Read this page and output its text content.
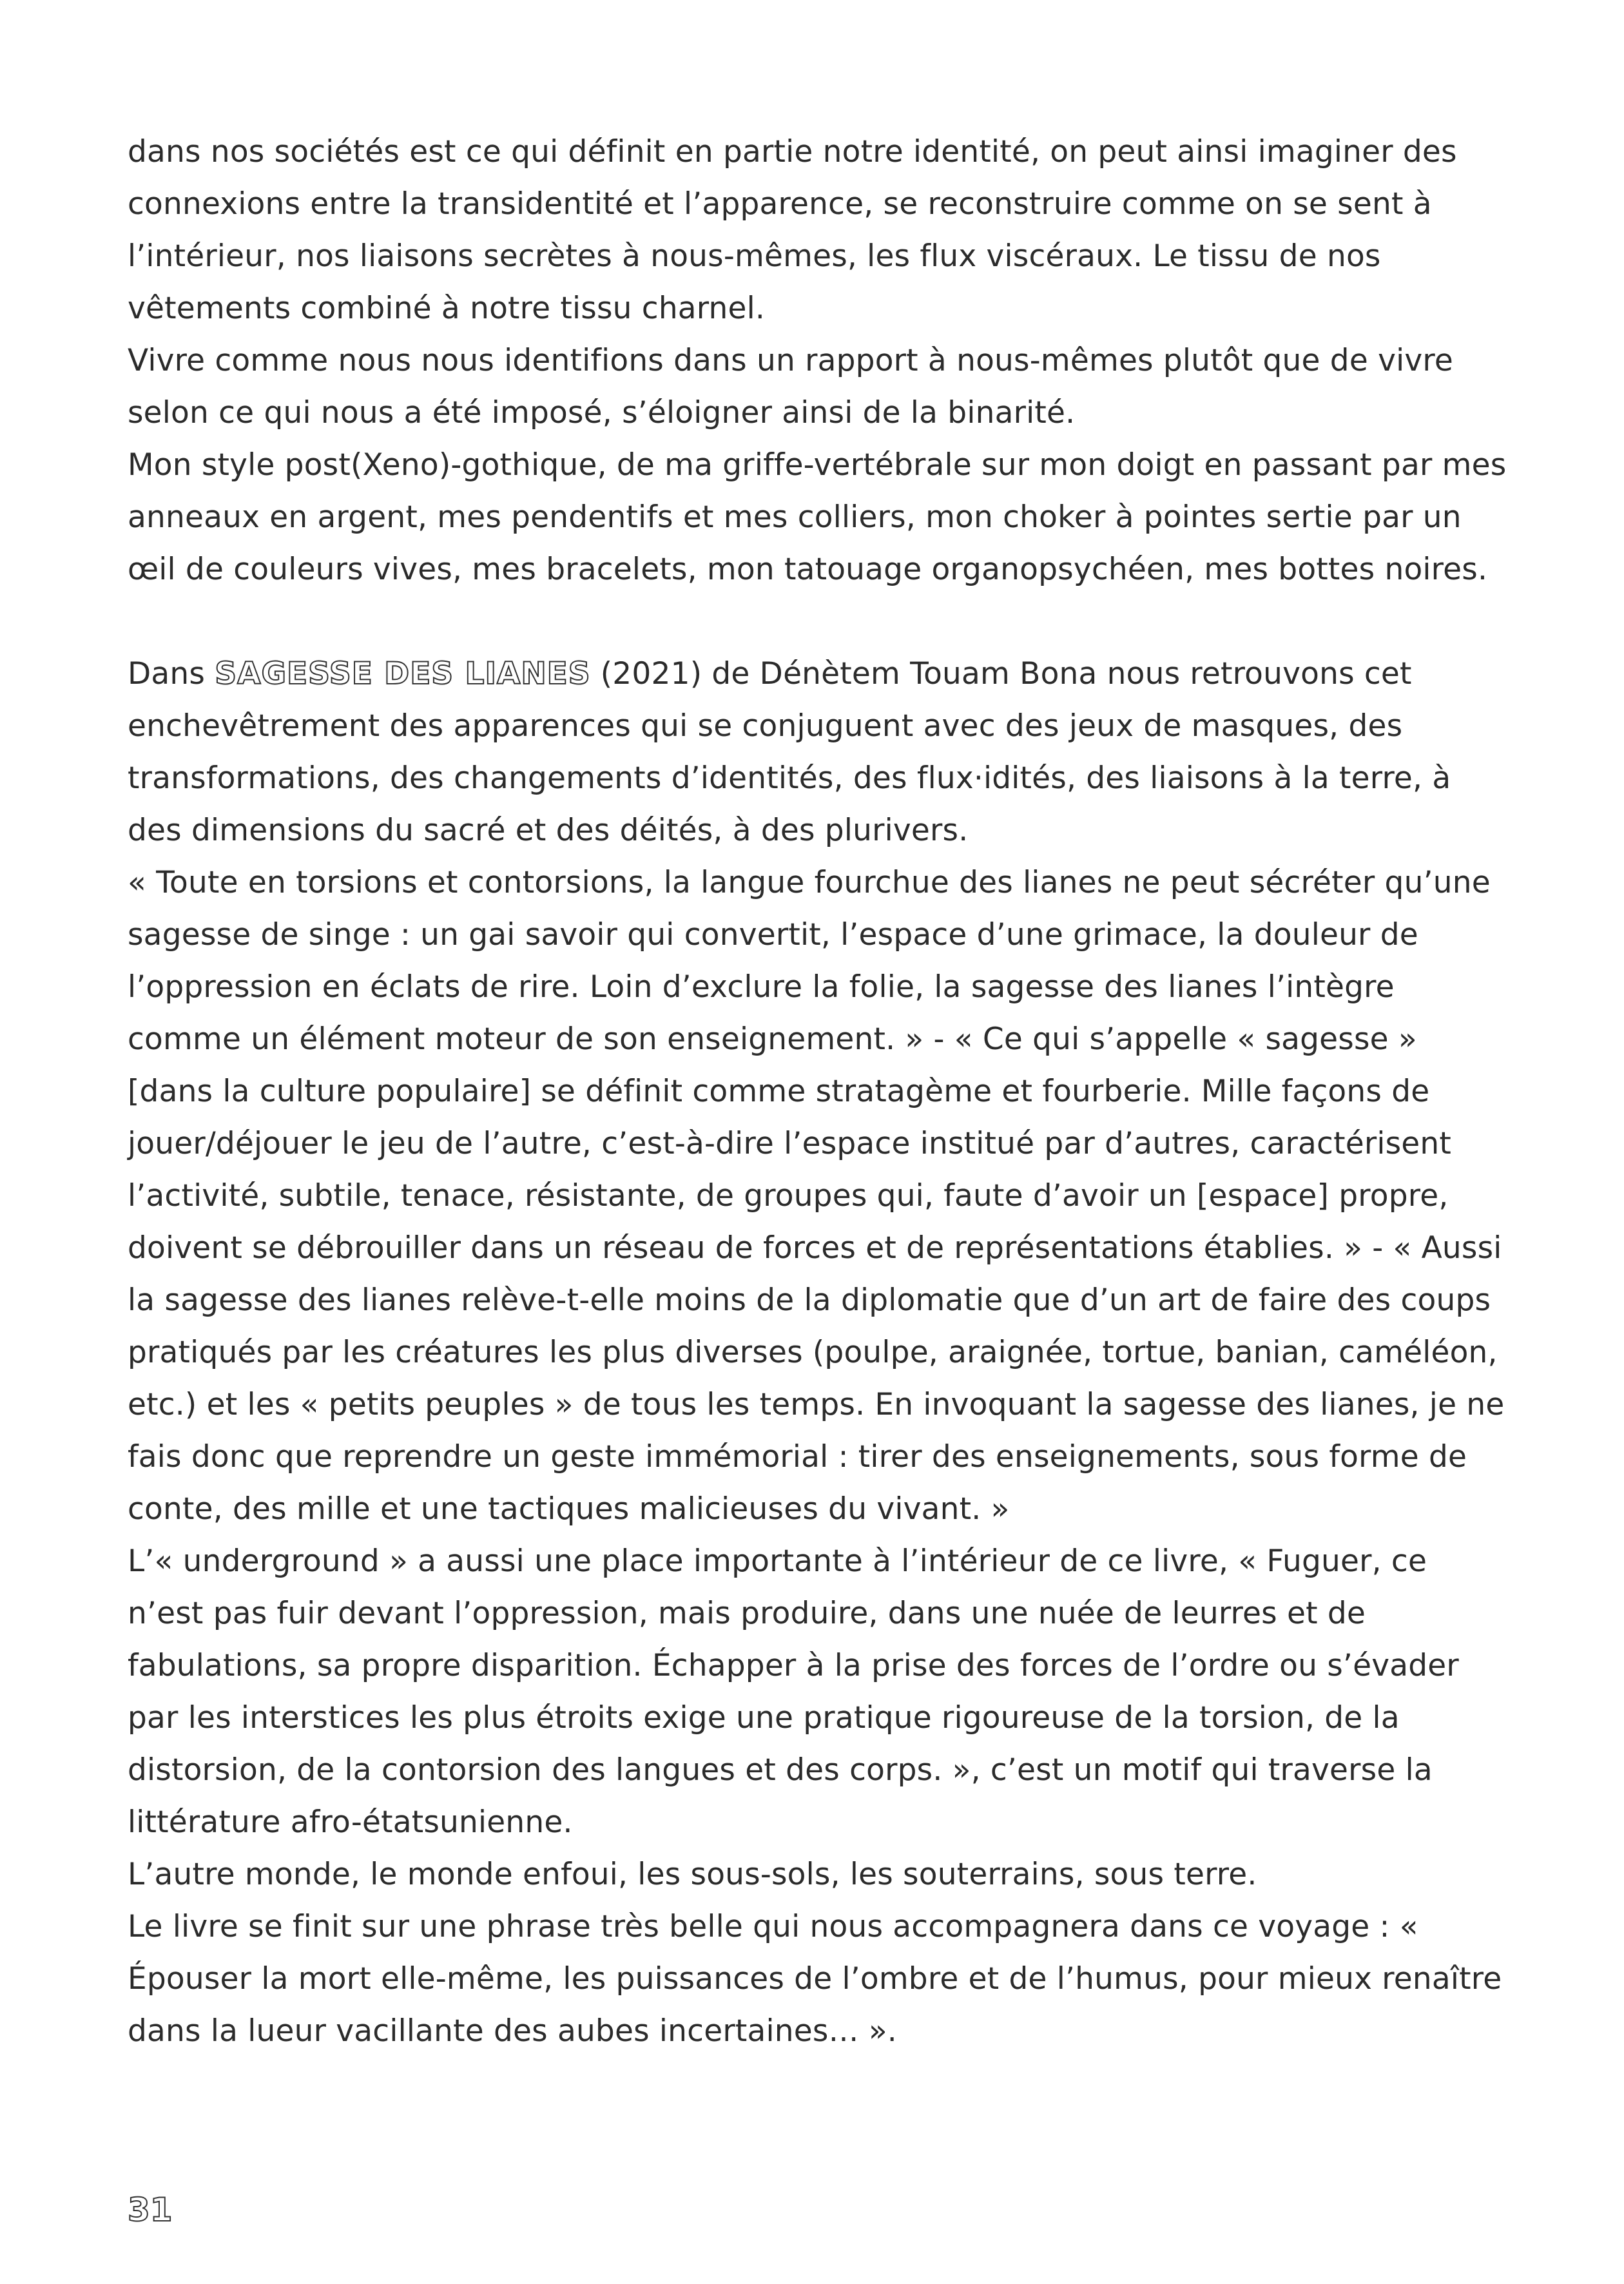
dans nos sociétés est ce qui définit en partie notre identité, on peut ainsi imaginer des connexions entre la transidentité et l’apparence, se reconstruire comme on se sent à l’intérieur, nos liaisons secrètes à nous-mêmes, les flux viscéraux. Le tissu de nos vêtements combiné à notre tissu charnel.

Vivre comme nous nous identifions dans un rapport à nous-mêmes plutôt que de vivre selon ce qui nous a été imposé, s’éloigner ainsi de la binarité.

Mon style post(Xeno)-gothique, de ma griffe-vertébrale sur mon doigt en passant par mes anneaux en argent, mes pendentifs et mes colliers, mon choker à pointes sertie par un œil de couleurs vives, mes bracelets, mon tatouage organopsychéen, mes bottes noires.

Dans SAGESSE DES LIANES (2021) de Dénètem Touam Bona nous retrouvons cet enchevêtrement des apparences qui se conjuguent avec des jeux de masques, des transformations, des changements d’identités, des flux·idités, des liaisons à la terre, à des dimensions du sacré et des déités, à des plurivers.

« Toute en torsions et contorsions, la langue fourchue des lianes ne peut sécréter qu’une sagesse de singe : un gai savoir qui convertit, l’espace d’une grimace, la douleur de l’oppression en éclats de rire. Loin d’exclure la folie, la sagesse des lianes l’intègre comme un élément moteur de son enseignement. » - « Ce qui s’appelle « sagesse » [dans la culture populaire] se définit comme stratagème et fourberie. Mille façons de jouer/déjouer le jeu de l’autre, c’est-à-dire l’espace institué par d’autres, caractérisent l’activité, subtile, tenace, résistante, de groupes qui, faute d’avoir un [espace] propre, doivent se débrouiller dans un réseau de forces et de représentations établies. » - « Aussi la sagesse des lianes relève-t-elle moins de la diplomatie que d’un art de faire des coups pratiqués par les créatures les plus diverses (poulpe, araignée, tortue, banian, caméléon, etc.) et les « petits peuples » de tous les temps. En invoquant la sagesse des lianes, je ne fais donc que reprendre un geste immémorial : tirer des enseignements, sous forme de conte, des mille et une tactiques malicieuses du vivant. »

L’« underground » a aussi une place importante à l’intérieur de ce livre, « Fuguer, ce n’est pas fuir devant l’oppression, mais produire, dans une nuée de leurres et de fabulations, sa propre disparition. Échapper à la prise des forces de l’ordre ou s’évader par les interstices les plus étroits exige une pratique rigoureuse de la torsion, de la distorsion, de la contorsion des langues et des corps. », c’est un motif qui traverse la littérature afro-étatsunienne.

L’autre monde, le monde enfoui, les sous-sols, les souterrains, sous terre.

Le livre se finit sur une phrase très belle qui nous accompagnera dans ce voyage : « Épouser la mort elle-même, les puissances de l’ombre et de l’humus, pour mieux renaître dans la lueur vacillante des aubes incertaines… ».

31
